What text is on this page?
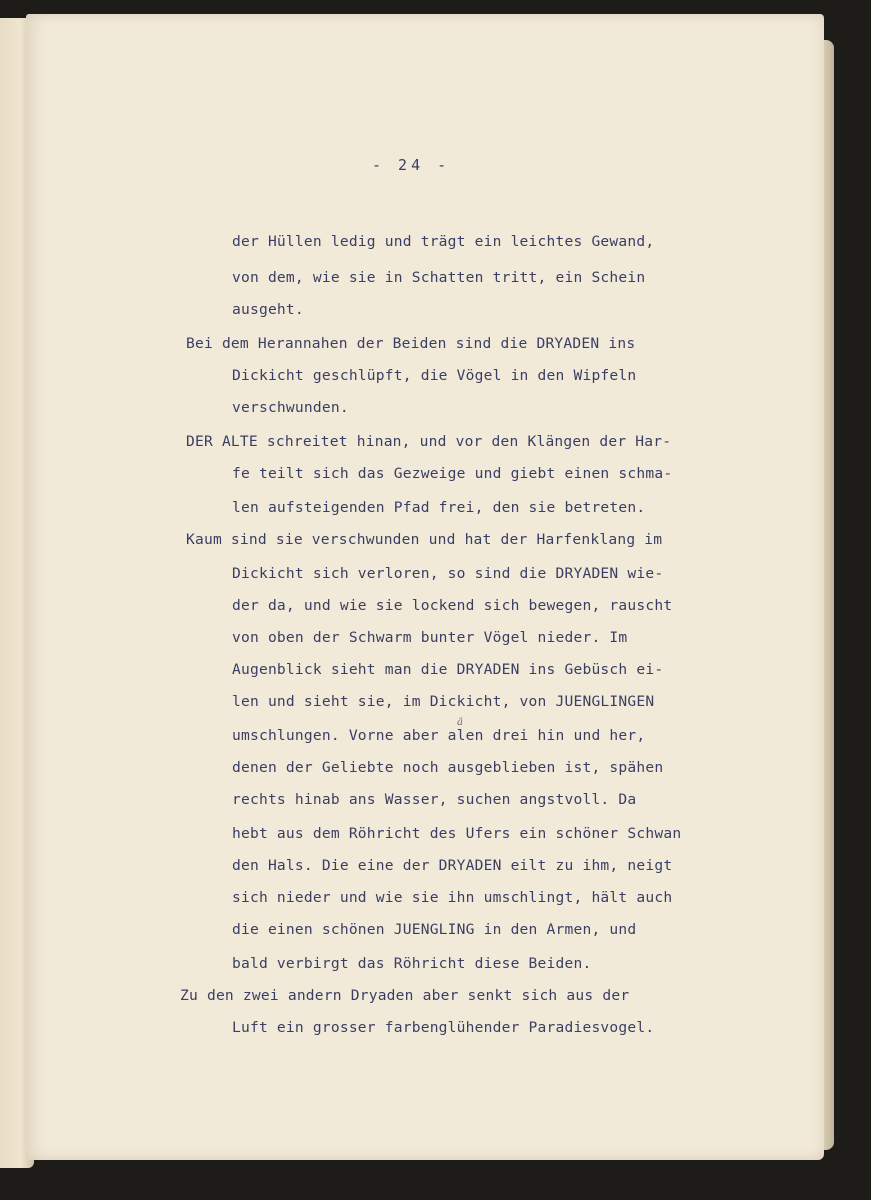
- 24 -
der Hüllen ledig und trägt ein leichtes Gewand,
von dem, wie sie in Schatten tritt, ein Schein
ausgeht.
Bei dem Herannahen der Beiden sind die DRYADEN ins
Dickicht geschlüpft, die Vögel in den Wipfeln
verschwunden.
DER ALTE schreitet hinan, und vor den Klängen der Har-
fe teilt sich das Gezweige und giebt einen schma-
len aufsteigenden Pfad frei, den sie betreten.
Kaum sind sie verschwunden und hat der Harfenklang im
Dickicht sich verloren, so sind die DRYADEN wie-
der da, und wie sie lockend sich bewegen, rauscht
von oben der Schwarm bunter Vögel nieder. Im
Augenblick sieht man die DRYADEN ins Gebüsch ei-
len und sieht sie, im Dickicht, von JUENGLINGEN
umschlungen. Vorne aber alen drei hin und her,
ä
denen der Geliebte noch ausgeblieben ist, spähen
rechts hinab ans Wasser, suchen angstvoll. Da
hebt aus dem Röhricht des Ufers ein schöner Schwan
den Hals. Die eine der DRYADEN eilt zu ihm, neigt
sich nieder und wie sie ihn umschlingt, hält auch
die einen schönen JUENGLING in den Armen, und
bald verbirgt das Röhricht diese Beiden.
Zu den zwei andern Dryaden aber senkt sich aus der
Luft ein grosser farbenglühender Paradiesvogel.
